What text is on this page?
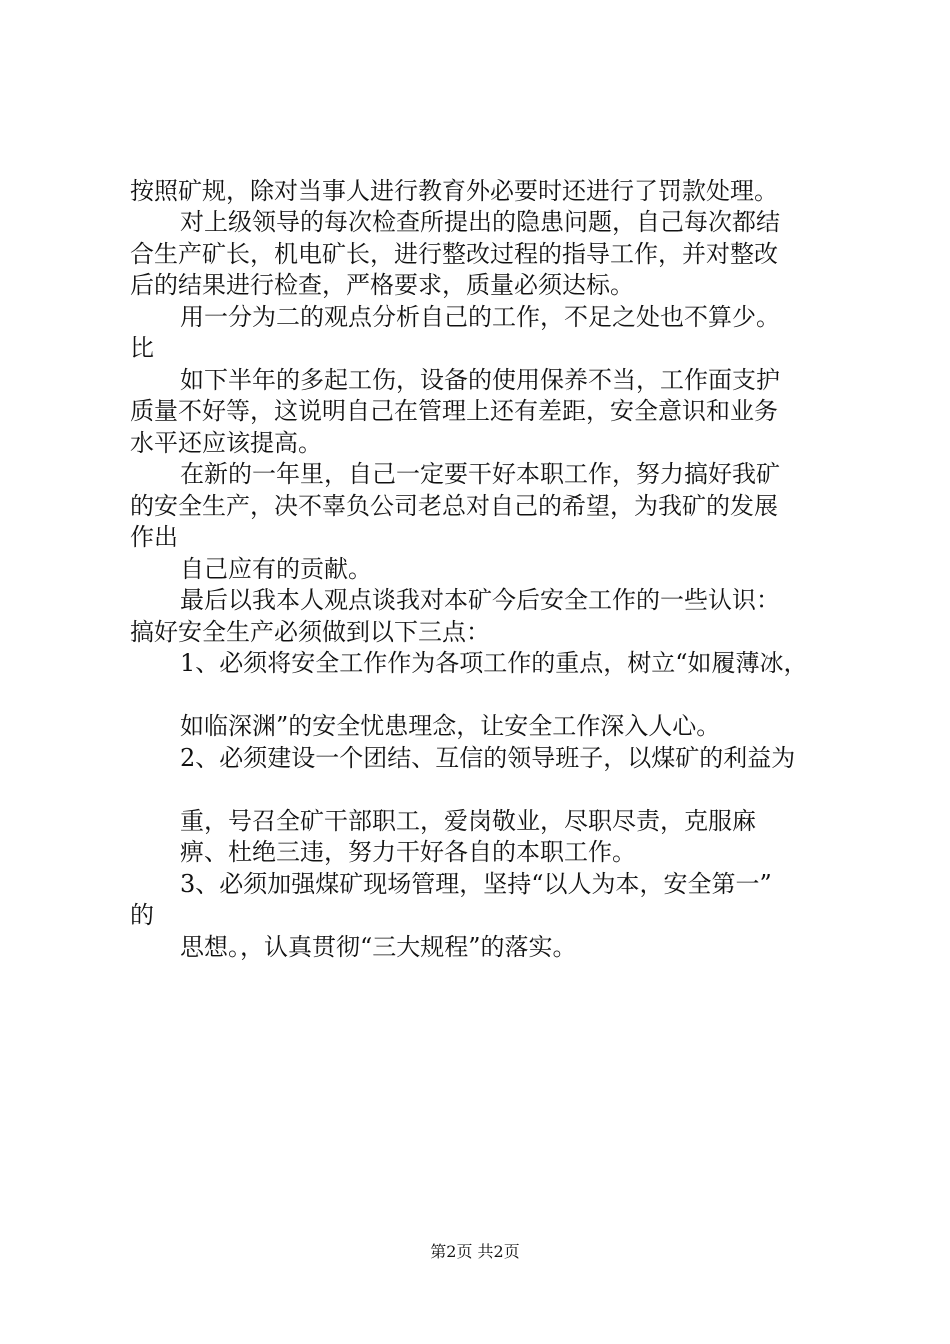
按照矿规，除对当事人进行教育外必要时还进行了罚款处理。
对上级领导的每次检查所提出的隐患问题，自己每次都结
合生产矿长，机电矿长，进行整改过程的指导工作，并对整改
后的结果进行检查，严格要求，质量必须达标。
用一分为二的观点分析自己的工作，不足之处也不算少。
比
如下半年的多起工伤，设备的使用保养不当，工作面支护
质量不好等，这说明自己在管理上还有差距，安全意识和业务
水平还应该提高。
在新的一年里，自己一定要干好本职工作，努力搞好我矿
的安全生产，决不辜负公司老总对自己的希望，为我矿的发展
作出
自己应有的贡献。
最后以我本人观点谈我对本矿今后安全工作的一些认识：
搞好安全生产必须做到以下三点：
1、必须将安全工作作为各项工作的重点，树立“如履薄冰，
如临深渊”的安全忧患理念，让安全工作深入人心。
2、必须建设一个团结、互信的领导班子，以煤矿的利益为
重，号召全矿干部职工，爱岗敬业，尽职尽责，克服麻
痹、杜绝三违，努力干好各自的本职工作。
3、必须加强煤矿现场管理，坚持“以人为本，安全第一”
的
思想。，认真贯彻“三大规程”的落实。
第2页 共2页
